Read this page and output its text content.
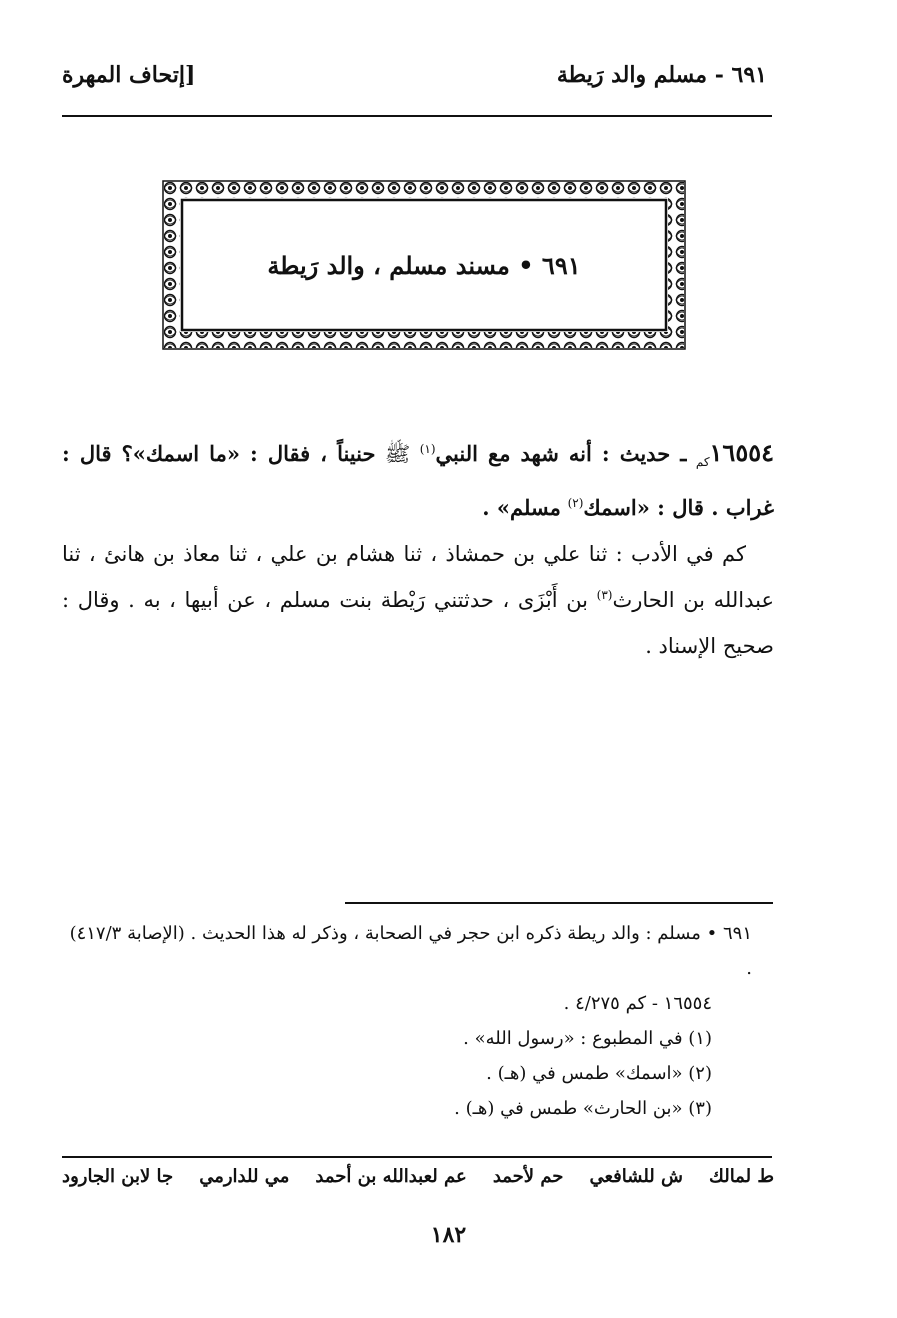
٦٩١ - مسلم والد رَيطة
[إتحاف المهرة
٦٩١ • مسند مسلم ، والد رَيطة

$١٦٥٥٤_{كم}$ ـ حديث : أنه شهد مع النبي$^{(١)}$ ﷺ حنيناً ، فقال : «ما اسمك»؟ قال : غراب . قال : «اسمك$^{(٢)}$ مسلم» .

كم في الأدب : ثنا علي بن حمشاذ ، ثنا هشام بن علي ، ثنا معاذ بن هانئ ، ثنا عبدالله بن الحارث$^{(٣)}$ بن أَبْزَى ، حدثتني رَيْطة بنت مسلم ، عن أبيها ، به . وقال : صحيح الإسناد .

٦٩١ • مسلم : والد ريطة ذكره ابن حجر في الصحابة ، وذكر له هذا الحديث . (الإصابة ٤١٧/٣) .

١٦٥٥٤ - كم ٤/٢٧٥ .

(١) في المطبوع : «رسول الله» .

(٢) «اسمك» طمس في (هـ) .

(٣) «بن الحارث» طمس في (هـ) .

ط لمالك
ش للشافعي
حم لأحمد
عم لعبدالله بن أحمد
مي للدارمي
جا لابن الجارود
١٨٢
